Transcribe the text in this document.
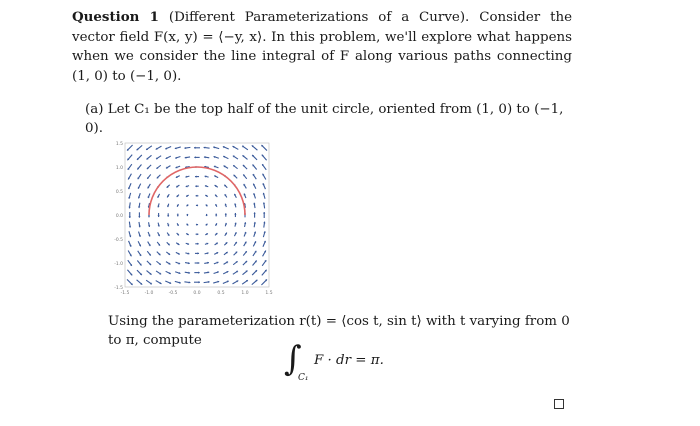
Question 1 (Different Parameterizations of a Curve). Consider the vector field F(x, y) = ⟨−y, x⟩. In this problem, we'll explore what happens when we consider the line integral of F along various paths connecting (1, 0) to (−1, 0).
(a) Let C₁ be the top half of the unit circle, oriented from (1, 0) to (−1, 0).
1.5
1.0
0.5
0.0
-0.5
-1.0
-1.5
-1.5	-1.0	-0.5	0.0	0.5	1.0	1.5
Using the parameterization r(t) = ⟨cos t, sin t⟩ with t varying from 0 to π, compute	∫
C₁
F · dr = π.
